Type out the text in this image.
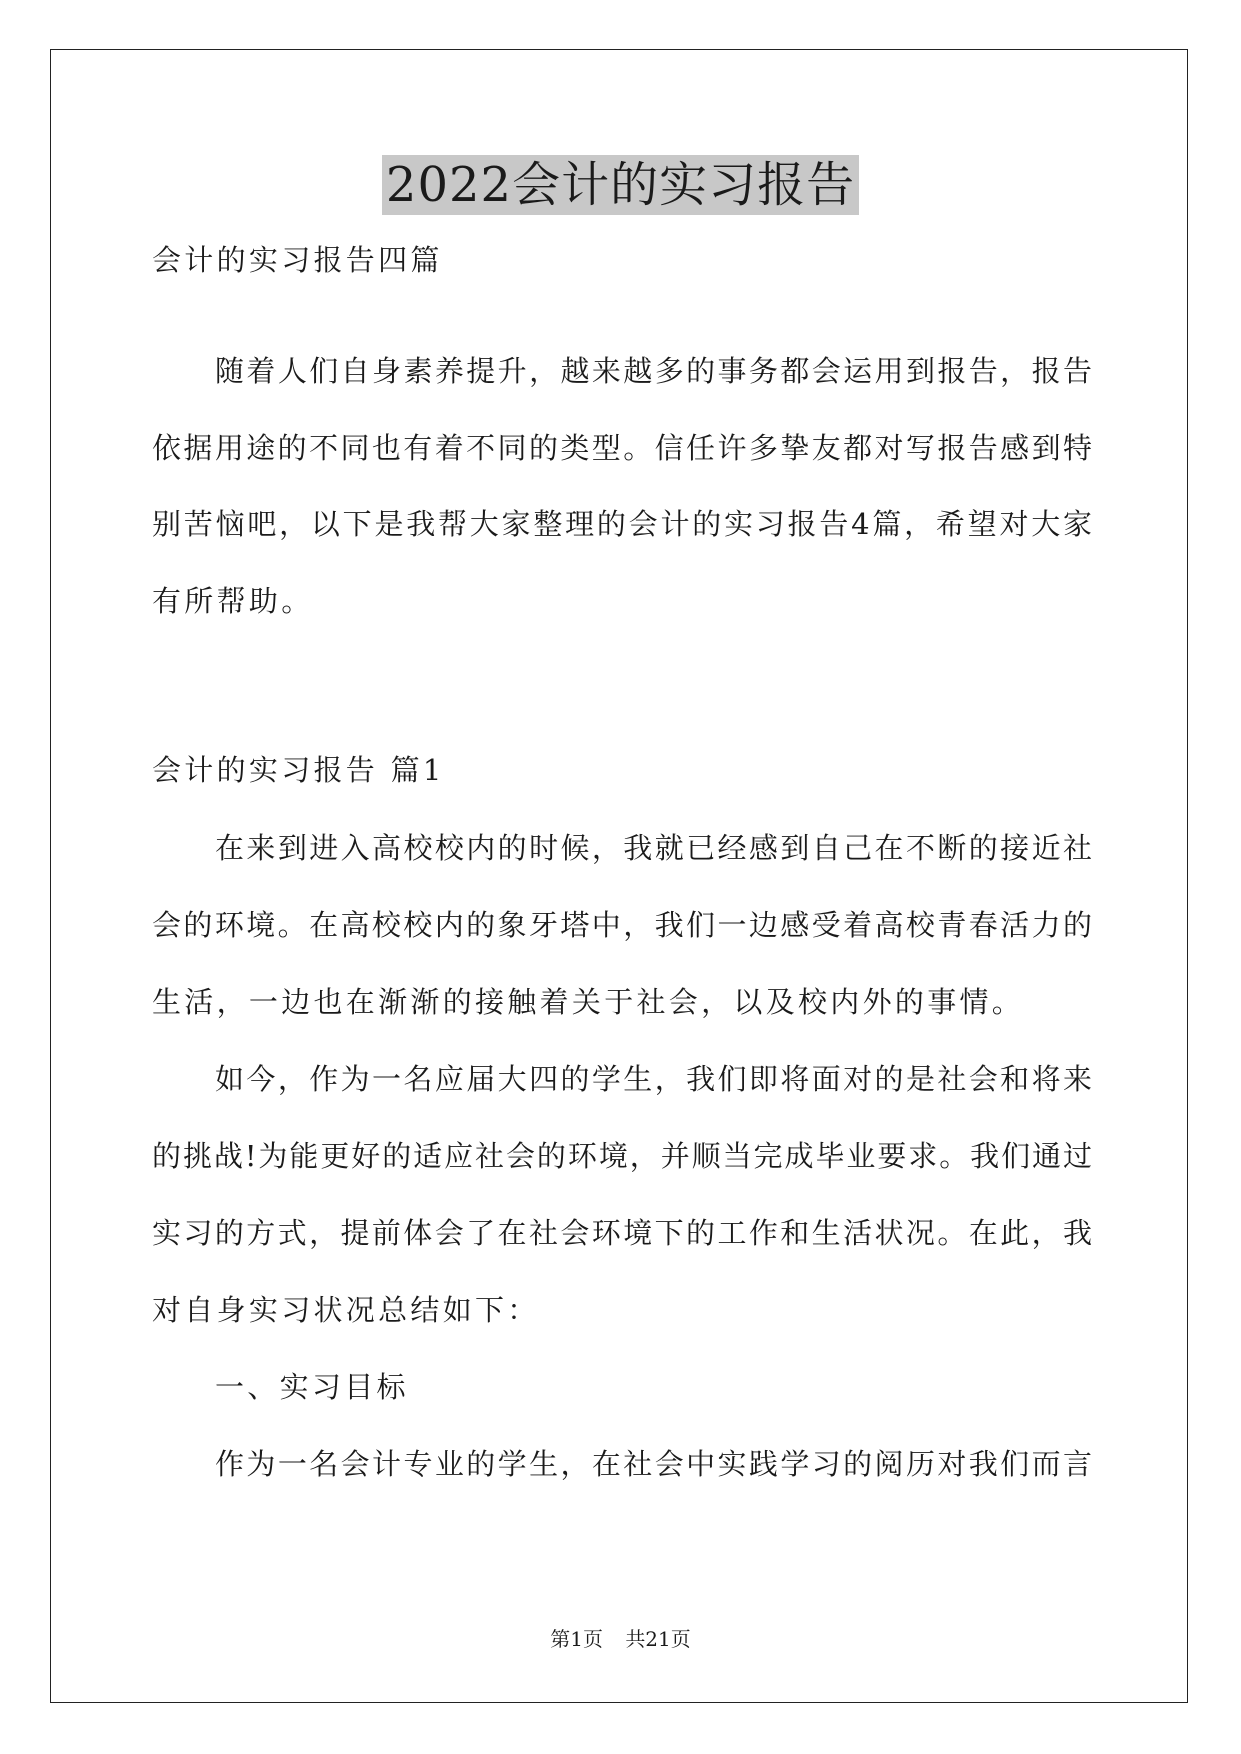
2022会计的实习报告
会计的实习报告四篇
随着人们自身素养提升，越来越多的事务都会运用到报告，报告
依据用途的不同也有着不同的类型。信任许多挚友都对写报告感到特
别苦恼吧，以下是我帮大家整理的会计的实习报告4篇，希望对大家
有所帮助。
会计的实习报告 篇1
在来到进入高校校内的时候，我就已经感到自己在不断的接近社
会的环境。在高校校内的象牙塔中，我们一边感受着高校青春活力的
生活，一边也在渐渐的接触着关于社会，以及校内外的事情。
如今，作为一名应届大四的学生，我们即将面对的是社会和将来
的挑战!为能更好的适应社会的环境，并顺当完成毕业要求。我们通过
实习的方式，提前体会了在社会环境下的工作和生活状况。在此，我
对自身实习状况总结如下：
一、实习目标
作为一名会计专业的学生，在社会中实践学习的阅历对我们而言
第1页 共21页
